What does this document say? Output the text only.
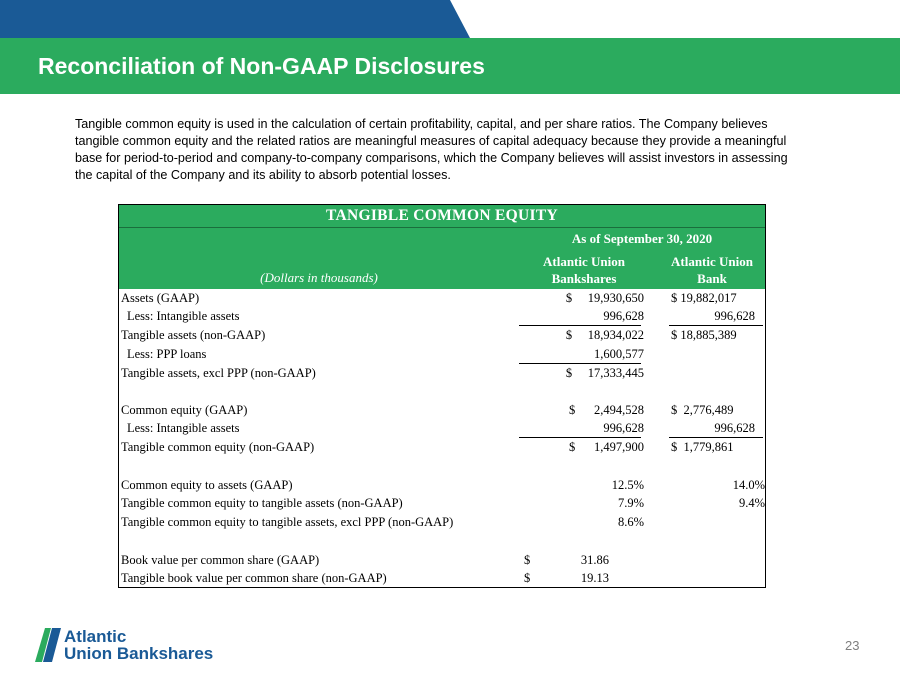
Reconciliation of Non-GAAP Disclosures

Tangible common equity is used in the calculation of certain profitability, capital, and per share ratios. The Company believes tangible common equity and the related ratios are meaningful measures of capital adequacy because they provide a meaningful base for period-to-period and company-to-company comparisons, which the Company believes will assist investors in assessing the capital of the Company and its ability to absorb potential losses.

TANGIBLE COMMON EQUITY
As of September 30, 2020
Atlantic Union
Bankshares
Atlantic Union
Bank
(Dollars in thousands)
Assets (GAAP)	$     19,930,650 $ 19,882,017
Less: Intangible assets	996,628	996,628
Tangible assets (non-GAAP)	$     18,934,022 $ 18,885,389
Less: PPP loans	1,600,577
Tangible assets, excl PPP (non-GAAP)	$     17,333,445
Common equity (GAAP)	$      2,494,528 $  2,776,489
Less: Intangible assets	996,628	996,628
Tangible common equity (non-GAAP)	$      1,497,900 $  1,779,861
Common equity to assets (GAAP)	12.5%	14.0%
Tangible common equity to tangible assets (non-GAAP)	7.9%	9.4%
Tangible common equity to tangible assets, excl PPP (non-GAAP)	8.6%
Book value per common share (GAAP)	$	31.86
Tangible book value per common share (non-GAAP)	$	19.13
Atlantic
Union Bankshares	23
